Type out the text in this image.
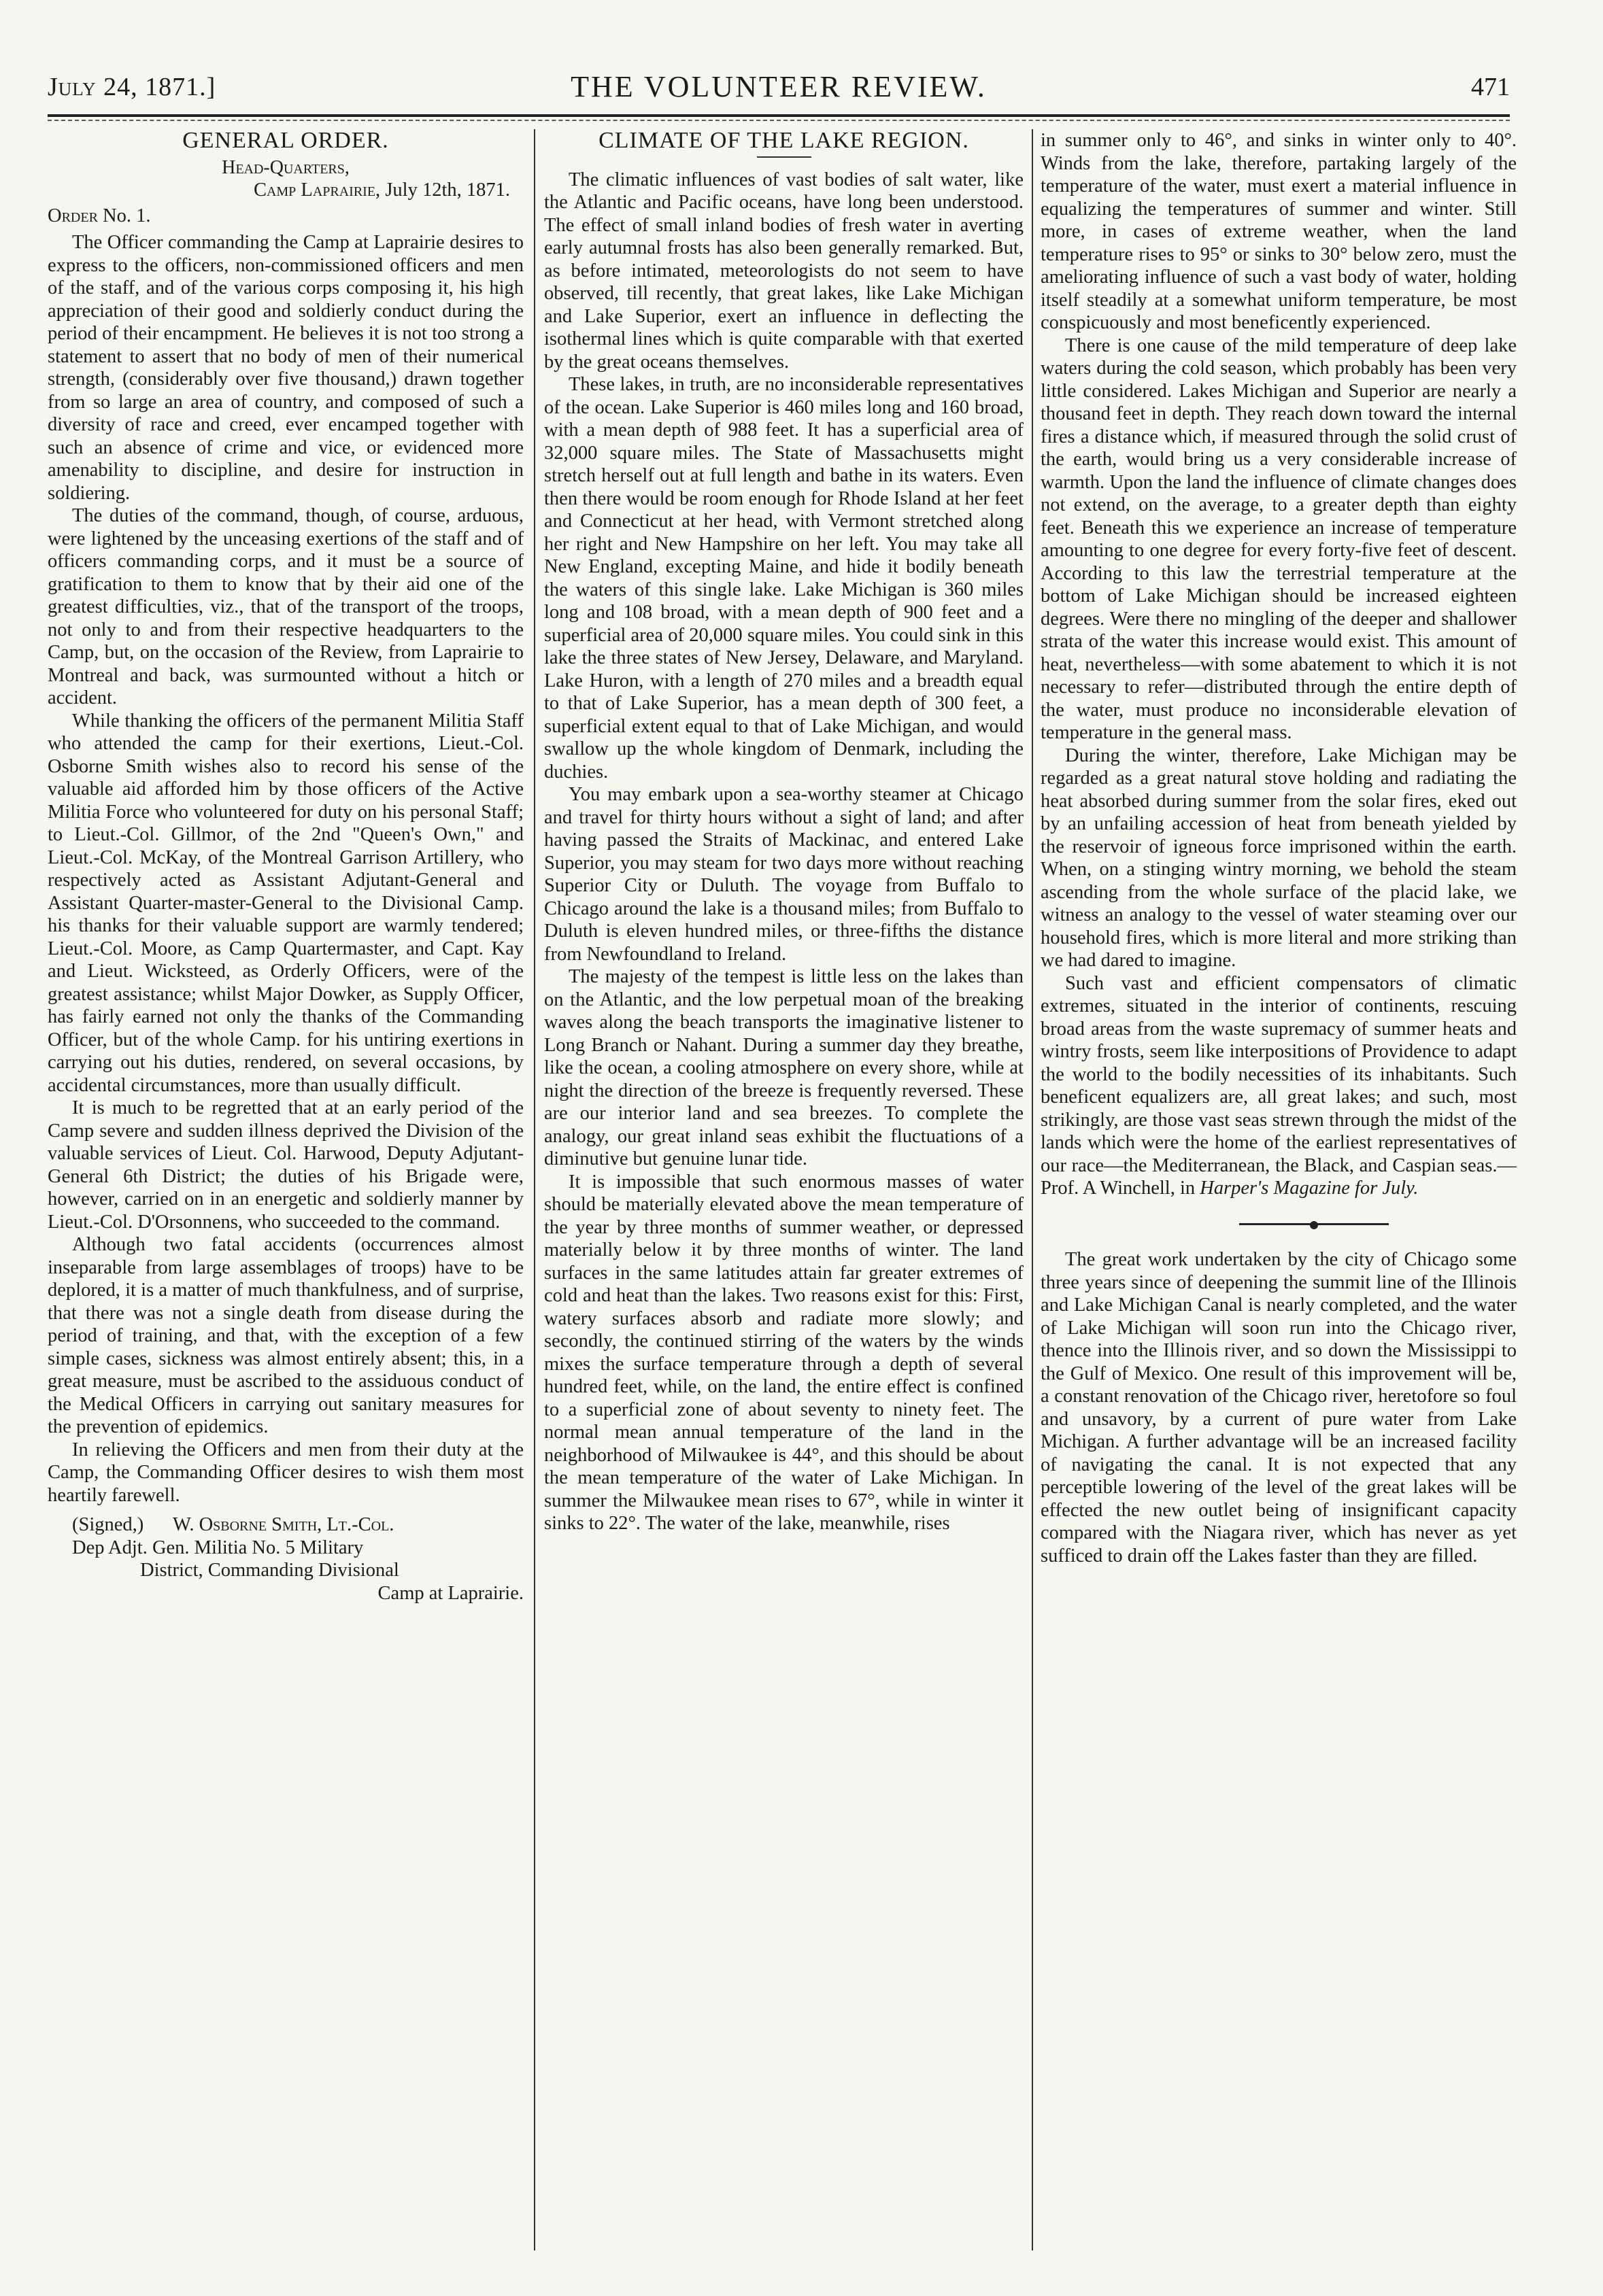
July 24, 1871.]	THE VOLUNTEER REVIEW.	471
GENERAL ORDER.
Head-Quarters,
Camp Laprairie, July 12th, 1871.
Order No. 1.

The Officer commanding the Camp at Laprairie desires to express to the officers, non-commissioned officers and men of the staff, and of the various corps composing it, his high appreciation of their good and soldierly conduct during the period of their encampment. He believes it is not too strong a statement to assert that no body of men of their numerical strength, (considerably over five thousand,) drawn together from so large an area of country, and composed of such a diversity of race and creed, ever encamped together with such an absence of crime and vice, or evidenced more amenability to discipline, and desire for instruction in soldiering.

The duties of the command, though, of course, arduous, were lightened by the unceasing exertions of the staff and of officers commanding corps, and it must be a source of gratification to them to know that by their aid one of the greatest difficulties, viz., that of the transport of the troops, not only to and from their respective headquarters to the Camp, but, on the occasion of the Review, from Laprairie to Montreal and back, was surmounted without a hitch or accident.

While thanking the officers of the permanent Militia Staff who attended the camp for their exertions, Lieut.-Col. Osborne Smith wishes also to record his sense of the valuable aid afforded him by those officers of the Active Militia Force who volunteered for duty on his personal Staff; to Lieut.-Col. Gillmor, of the 2nd "Queen's Own," and Lieut.-Col. McKay, of the Montreal Garrison Artillery, who respectively acted as Assistant Adjutant-General and Assistant Quarter-master-General to the Divisional Camp. his thanks for their valuable support are warmly tendered; Lieut.-Col. Moore, as Camp Quartermaster, and Capt. Kay and Lieut. Wicksteed, as Orderly Officers, were of the greatest assistance; whilst Major Dowker, as Supply Officer, has fairly earned not only the thanks of the Commanding Officer, but of the whole Camp. for his untiring exertions in carrying out his duties, rendered, on several occasions, by accidental circumstances, more than usually difficult.

It is much to be regretted that at an early period of the Camp severe and sudden illness deprived the Division of the valuable services of Lieut. Col. Harwood, Deputy Adjutant-General 6th District; the duties of his Brigade were, however, carried on in an energetic and soldierly manner by Lieut.-Col. D'Orsonnens, who succeeded to the command.

Although two fatal accidents (occurrences almost inseparable from large assemblages of troops) have to be deplored, it is a matter of much thankfulness, and of surprise, that there was not a single death from disease during the period of training, and that, with the exception of a few simple cases, sickness was almost entirely absent; this, in a great measure, must be ascribed to the assiduous conduct of the Medical Officers in carrying out sanitary measures for the prevention of epidemics.

In relieving the Officers and men from their duty at the Camp, the Commanding Officer desires to wish them most heartily farewell.

(Signed,) W. Osborne Smith, Lt.-Col.

Dep Adjt. Gen. Militia No. 5 Military

District, Commanding Divisional

Camp at Laprairie.

CLIMATE OF THE LAKE REGION.

The climatic influences of vast bodies of salt water, like the Atlantic and Pacific oceans, have long been understood. The effect of small inland bodies of fresh water in averting early autumnal frosts has also been generally remarked. But, as before intimated, meteorologists do not seem to have observed, till recently, that great lakes, like Lake Michigan and Lake Superior, exert an influence in deflecting the isothermal lines which is quite comparable with that exerted by the great oceans themselves.

These lakes, in truth, are no inconsiderable representatives of the ocean. Lake Superior is 460 miles long and 160 broad, with a mean depth of 988 feet. It has a superficial area of 32,000 square miles. The State of Massachusetts might stretch herself out at full length and bathe in its waters. Even then there would be room enough for Rhode Island at her feet and Connecticut at her head, with Vermont stretched along her right and New Hampshire on her left. You may take all New England, excepting Maine, and hide it bodily beneath the waters of this single lake. Lake Michigan is 360 miles long and 108 broad, with a mean depth of 900 feet and a superficial area of 20,000 square miles. You could sink in this lake the three states of New Jersey, Delaware, and Maryland. Lake Huron, with a length of 270 miles and a breadth equal to that of Lake Superior, has a mean depth of 300 feet, a superficial extent equal to that of Lake Michigan, and would swallow up the whole kingdom of Denmark, including the duchies.

You may embark upon a sea-worthy steamer at Chicago and travel for thirty hours without a sight of land; and after having passed the Straits of Mackinac, and entered Lake Superior, you may steam for two days more without reaching Superior City or Duluth. The voyage from Buffalo to Chicago around the lake is a thousand miles; from Buffalo to Duluth is eleven hundred miles, or three-fifths the distance from Newfoundland to Ireland.

The majesty of the tempest is little less on the lakes than on the Atlantic, and the low perpetual moan of the breaking waves along the beach transports the imaginative listener to Long Branch or Nahant. During a summer day they breathe, like the ocean, a cooling atmosphere on every shore, while at night the direction of the breeze is frequently reversed. These are our interior land and sea breezes. To complete the analogy, our great inland seas exhibit the fluctuations of a diminutive but genuine lunar tide.

It is impossible that such enormous masses of water should be materially elevated above the mean temperature of the year by three months of summer weather, or depressed materially below it by three months of winter. The land surfaces in the same latitudes attain far greater extremes of cold and heat than the lakes. Two reasons exist for this: First, watery surfaces absorb and radiate more slowly; and secondly, the continued stirring of the waters by the winds mixes the surface temperature through a depth of several hundred feet, while, on the land, the entire effect is confined to a superficial zone of about seventy to ninety feet. The normal mean annual temperature of the land in the neighborhood of Milwaukee is 44°, and this should be about the mean temperature of the water of Lake Michigan. In summer the Milwaukee mean rises to 67°, while in winter it sinks to 22°. The water of the lake, meanwhile, rises

in summer only to 46°, and sinks in winter only to 40°. Winds from the lake, therefore, partaking largely of the temperature of the water, must exert a material influence in equalizing the temperatures of summer and winter. Still more, in cases of extreme weather, when the land temperature rises to 95° or sinks to 30° below zero, must the ameliorating influence of such a vast body of water, holding itself steadily at a somewhat uniform temperature, be most conspicuously and most beneficently experienced.

There is one cause of the mild temperature of deep lake waters during the cold season, which probably has been very little considered. Lakes Michigan and Superior are nearly a thousand feet in depth. They reach down toward the internal fires a distance which, if measured through the solid crust of the earth, would bring us a very considerable increase of warmth. Upon the land the influence of climate changes does not extend, on the average, to a greater depth than eighty feet. Beneath this we experience an increase of temperature amounting to one degree for every forty-five feet of descent. According to this law the terrestrial temperature at the bottom of Lake Michigan should be increased eighteen degrees. Were there no mingling of the deeper and shallower strata of the water this increase would exist. This amount of heat, nevertheless—with some abatement to which it is not necessary to refer—distributed through the entire depth of the water, must produce no inconsiderable elevation of temperature in the general mass.

During the winter, therefore, Lake Michigan may be regarded as a great natural stove holding and radiating the heat absorbed during summer from the solar fires, eked out by an unfailing accession of heat from beneath yielded by the reservoir of igneous force imprisoned within the earth. When, on a stinging wintry morning, we behold the steam ascending from the whole surface of the placid lake, we witness an analogy to the vessel of water steaming over our household fires, which is more literal and more striking than we had dared to imagine.

Such vast and efficient compensators of climatic extremes, situated in the interior of continents, rescuing broad areas from the waste supremacy of summer heats and wintry frosts, seem like interpositions of Providence to adapt the world to the bodily necessities of its inhabitants. Such beneficent equalizers are, all great lakes; and such, most strikingly, are those vast seas strewn through the midst of the lands which were the home of the earliest representatives of our race—the Mediterranean, the Black, and Caspian seas.—Prof. A Winchell, in Harper's Magazine for July.

The great work undertaken by the city of Chicago some three years since of deepening the summit line of the Illinois and Lake Michigan Canal is nearly completed, and the water of Lake Michigan will soon run into the Chicago river, thence into the Illinois river, and so down the Mississippi to the Gulf of Mexico. One result of this improvement will be, a constant renovation of the Chicago river, heretofore so foul and unsavory, by a current of pure water from Lake Michigan. A further advantage will be an increased facility of navigating the canal. It is not expected that any perceptible lowering of the level of the great lakes will be effected the new outlet being of insignificant capacity compared with the Niagara river, which has never as yet sufficed to drain off the Lakes faster than they are filled.
